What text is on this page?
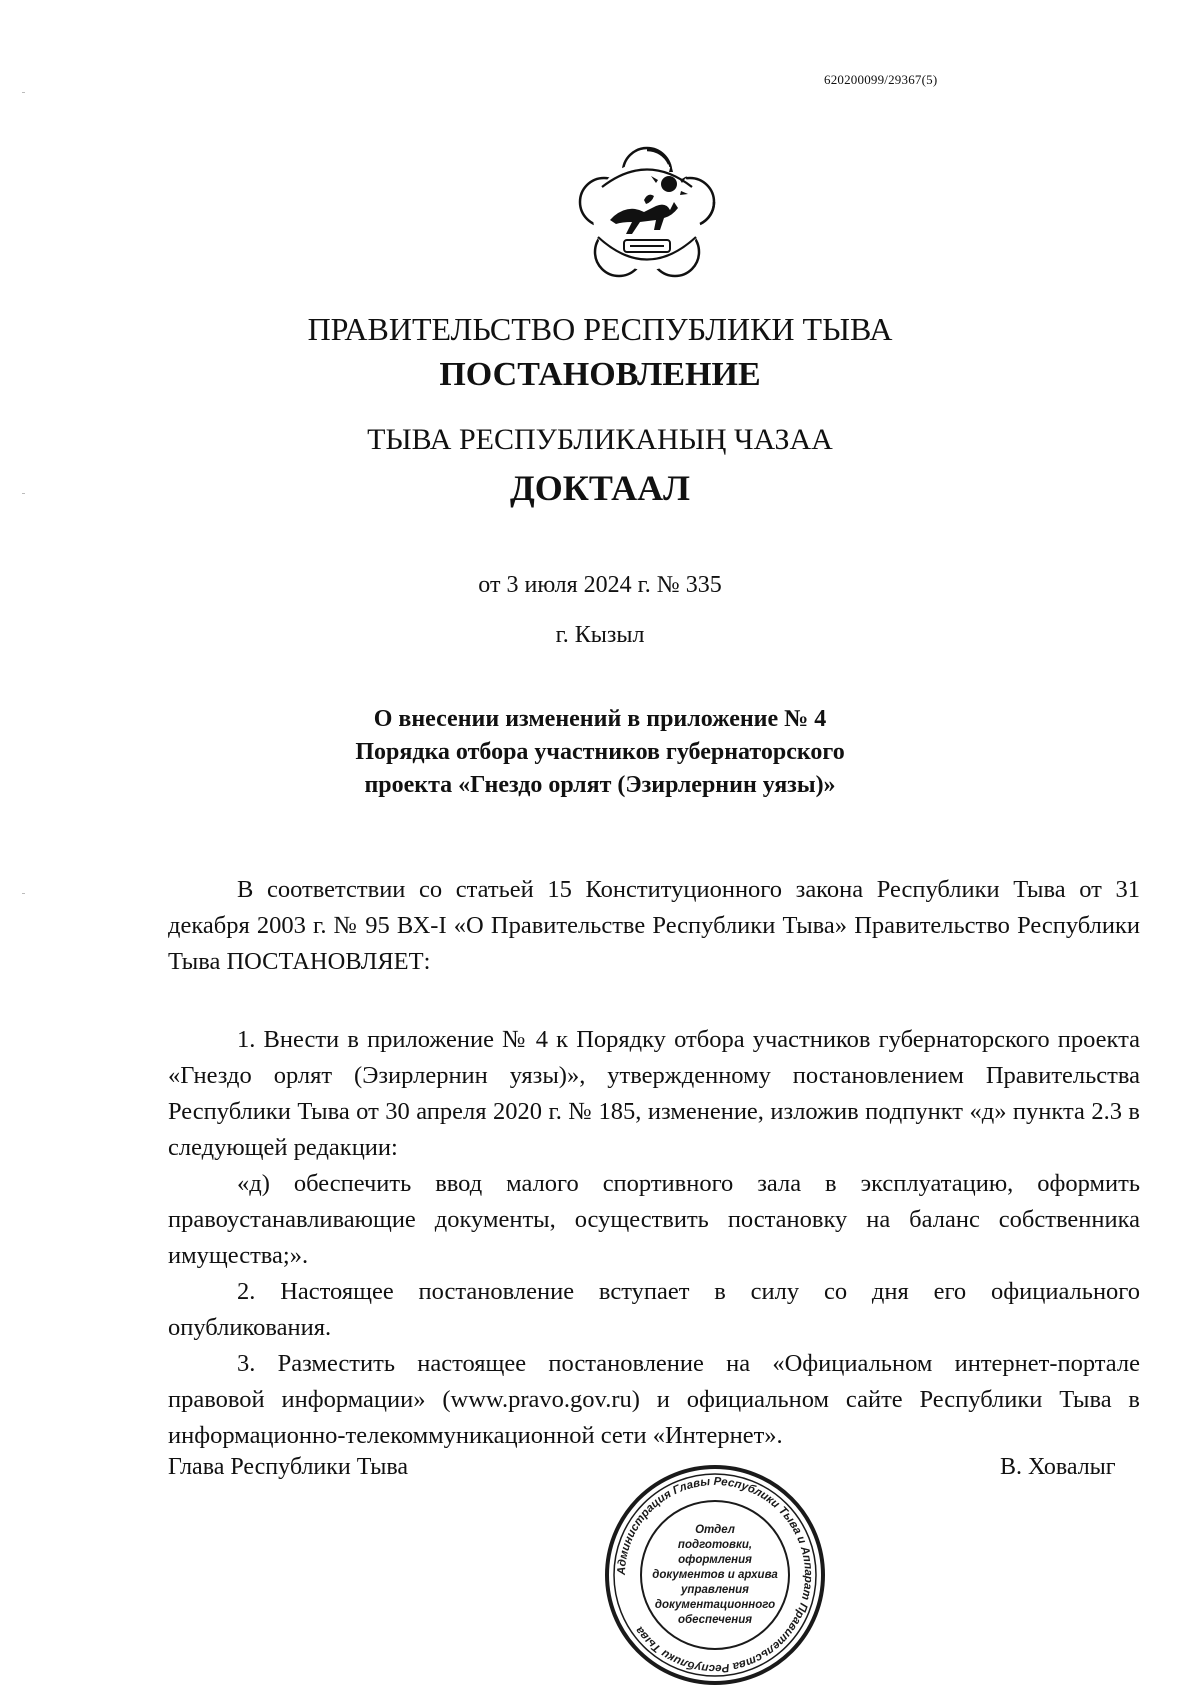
620200099/29367(5)
ПРАВИТЕЛЬСТВО РЕСПУБЛИКИ ТЫВА
ПОСТАНОВЛЕНИЕ
ТЫВА РЕСПУБЛИКАНЫҢ ЧАЗАА
ДОКТААЛ
от 3 июля 2024 г. № 335
г. Кызыл
О внесении изменений в приложение № 4
Порядка отбора участников губернаторского
проекта «Гнездо орлят (Эзирлернин уязы)»

В соответствии со статьей 15 Конституционного закона Республики Тыва от 31 декабря 2003 г. № 95 ВХ-I «О Правительстве Республики Тыва» Правительство Республики Тыва ПОСТАНОВЛЯЕТ:

1. Внести в приложение № 4 к Порядку отбора участников губернаторского проекта «Гнездо орлят (Эзирлернин уязы)», утвержденному постановлением Правительства Республики Тыва от 30 апреля 2020 г. № 185, изменение, изложив подпункт «д» пункта 2.3 в следующей редакции:

«д) обеспечить ввод малого спортивного зала в эксплуатацию, оформить правоустанавливающие документы, осуществить постановку на баланс собственника имущества;».

2. Настоящее постановление вступает в силу со дня его официального опубликования.

3. Разместить настоящее постановление на «Официальном интернет-портале правовой информации» (www.pravo.gov.ru) и официальном сайте Республики Тыва в информационно-телекоммуникационной сети «Интернет».

Глава Республики Тыва	В. Ховалыг
Администрация Главы Республики Тыва и Аппарат Правительства Республики Тыва
Отдел
подготовки,
оформления
документов и архива
управления
документационного
обеспечения
